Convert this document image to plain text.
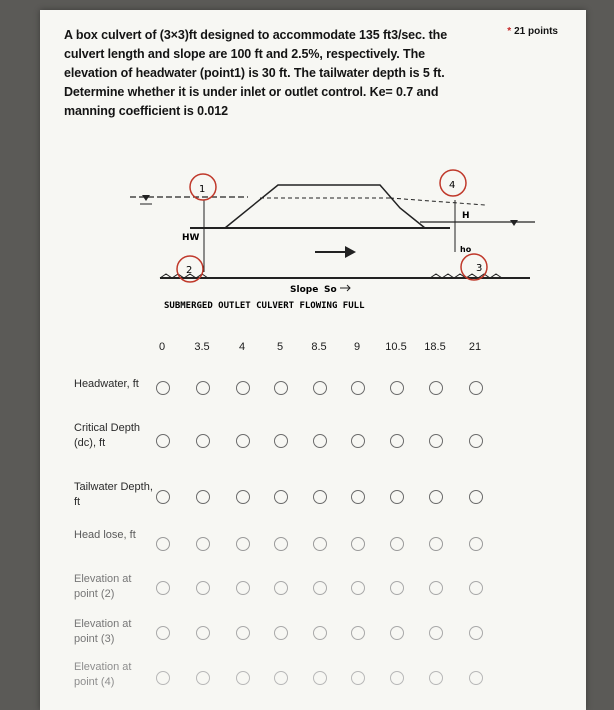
A box culvert of (3×3)ft designed to accommodate 135 ft3/sec. the culvert length and slope are 100 ft and 2.5%, respectively. The elevation of headwater (point1) is 30 ft. The tailwater depth is 5 ft. Determine whether it is under inlet or outlet control. Ke= 0.7 and manning coefficient is 0.012
* 21 points
HW
H
ho
1
2
4
3
Slope So
SUBMERGED OUTLET CULVERT FLOWING FULL
0	3.5	4	5	8.5	9	10.5	18.5	21
Headwater, ft
Critical Depth (dc), ft
Tailwater Depth, ft
Head lose, ft
Elevation at point (2)
Elevation at point (3)
Elevation at point (4)
